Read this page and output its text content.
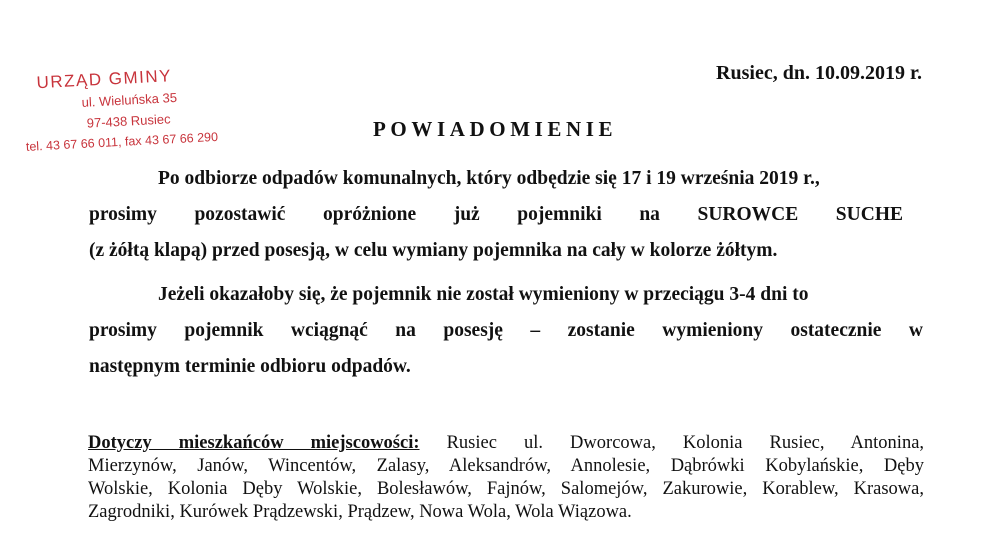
URZĄD GMINY
ul. Wieluńska 35
97-438 Rusiec
tel. 43 67 66 011, fax 43 67 66 290
Rusiec, dn. 10.09.2019 r.
POWIADOMIENIE
Po odbiorze odpadów komunalnych, który odbędzie się 17 i 19 września 2019 r.,
prosimy pozostawić opróżnione już pojemniki na SUROWCE SUCHE
(z żółtą klapą) przed posesją, w celu wymiany pojemnika na cały w kolorze żółtym.
Jeżeli okazałoby się, że pojemnik nie został wymieniony w przeciągu 3-4 dni to
prosimy pojemnik wciągnąć na posesję – zostanie wymieniony ostatecznie w
następnym terminie odbioru odpadów.
Dotyczy mieszkańców miejscowości: Rusiec ul. Dworcowa, Kolonia Rusiec, Antonina,
Mierzynów, Janów, Wincentów, Zalasy, Aleksandrów, Annolesie, Dąbrówki Kobylańskie, Dęby
Wolskie, Kolonia Dęby Wolskie, Bolesławów, Fajnów, Salomejów, Zakurowie, Korablew, Krasowa,
Zagrodniki, Kurówek Prądzewski, Prądzew, Nowa Wola, Wola Wiązowa.
